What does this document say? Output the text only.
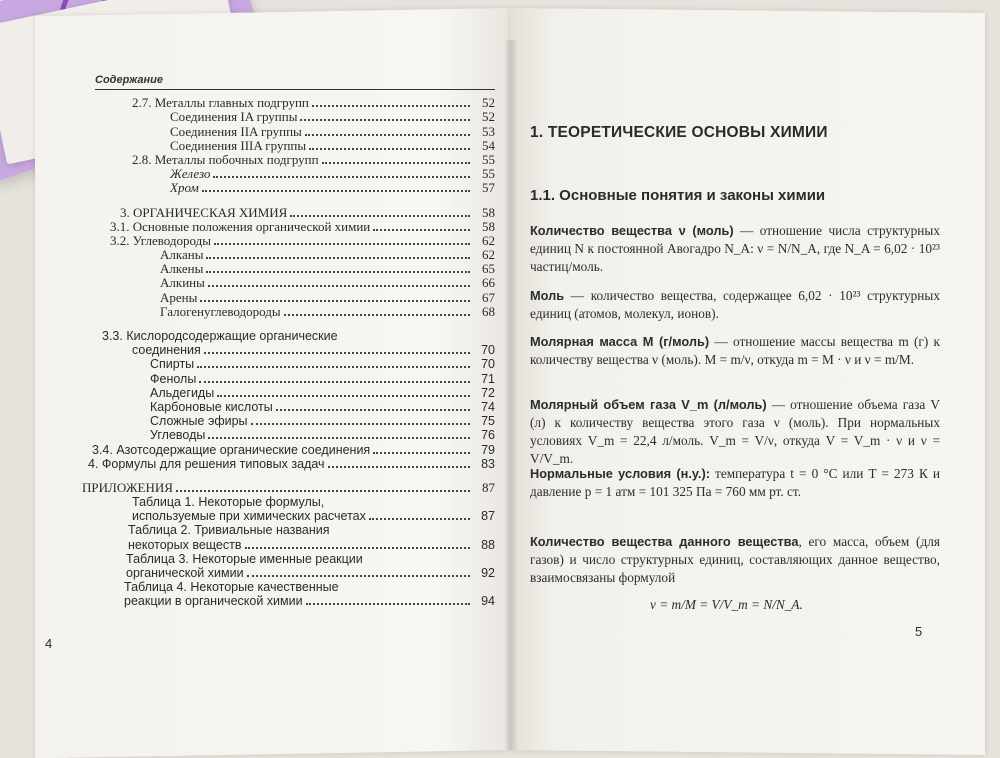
Содержание
2.7. Металлы главных подгрупп	52
Соединения IA группы	52
Соединения IIA группы	53
Соединения IIIA группы	54
2.8. Металлы побочных подгрупп	55
Железо	55
Хром	57
3. ОРГАНИЧЕСКАЯ ХИМИЯ	58
3.1. Основные положения органической химии	58
3.2. Углеводороды	62
Алканы	62
Алкены	65
Алкины	66
Арены	67
Галогенуглеводороды	68
3.3. Кислородсодержащие органические
соединения	70
Спирты	70
Фенолы	71
Альдегиды	72
Карбоновые кислоты	74
Сложные эфиры	75
Углеводы	76
3.4. Азотсодержащие органические соединения	79
4. Формулы для решения типовых задач	83
ПРИЛОЖЕНИЯ	87
Таблица 1. Некоторые формулы,
используемые при химических расчетах	87
Таблица 2. Тривиальные названия
некоторых веществ	88
Таблица 3. Некоторые именные реакции
органической химии	92
Таблица 4. Некоторые качественные
реакции в органической химии	94
4
1. ТЕОРЕТИЧЕСКИЕ ОСНОВЫ ХИМИИ
1.1. Основные понятия и законы химии
Количество вещества ν (моль) — отношение числа структурных единиц N к постоянной Авогадро N_A: ν = N/N_A, где N_A = 6,02 · 10²³ частиц/моль.
Моль — количество вещества, содержащее 6,02 · 10²³ структурных единиц (атомов, молекул, ионов).
Молярная масса M (г/моль) — отношение массы вещества m (г) к количеству вещества ν (моль). M = m/ν, откуда m = M · ν и ν = m/M.
Молярный объем газа V_m (л/моль) — отношение объема газа V (л) к количеству вещества этого газа ν (моль). При нормальных условиях V_m = 22,4 л/моль. V_m = V/ν, откуда V = V_m · ν и ν = V/V_m.
Нормальные условия (н.у.): температура t = 0 °C или T = 273 К и давление p = 1 атм = 101 325 Па = 760 мм рт. ст.
Количество вещества данного вещества, его масса, объем (для газов) и число структурных единиц, составляющих данное вещество, взаимосвязаны формулой
ν = m/M = V/V_m = N/N_A.
5
